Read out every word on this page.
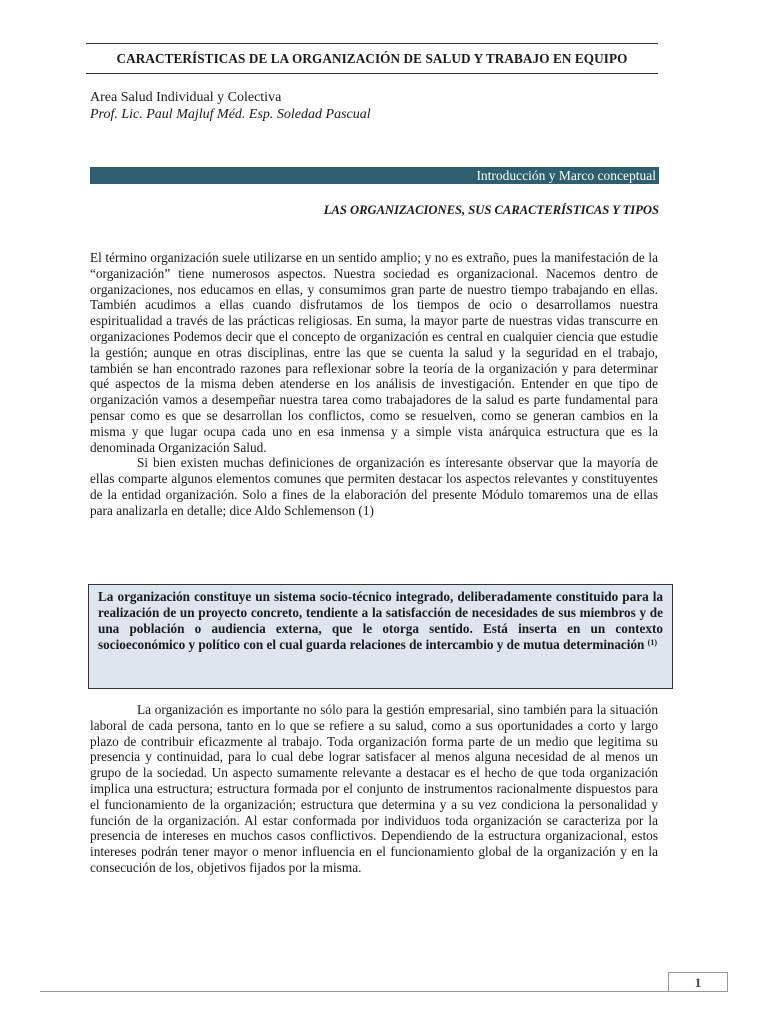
CARACTERÍSTICAS DE LA ORGANIZACIÓN DE SALUD Y TRABAJO EN EQUIPO
Area Salud Individual y Colectiva
Prof. Lic. Paul Majluf Méd. Esp. Soledad Pascual
Introducción y Marco conceptual
LAS ORGANIZACIONES, SUS CARACTERÍSTICAS Y TIPOS

El término organización suele utilizarse en un sentido amplio; y no es extraño, pues la manifestación de la “organización” tiene numerosos aspectos. Nuestra sociedad es organizacional. Nacemos dentro de organizaciones, nos educamos en ellas, y consumimos gran parte de nuestro tiempo trabajando en ellas. También acudimos a ellas cuando disfrutamos de los tiempos de ocio o desarrollamos nuestra espiritualidad a través de las prácticas religiosas. En suma, la mayor parte de nuestras vidas transcurre en organizaciones Podemos decir que el concepto de organización es central en cualquier ciencia que estudie la gestión; aunque en otras disciplinas, entre las que se cuenta la salud y la seguridad en el trabajo, también se han encontrado razones para reflexionar sobre la teoría de la organización y para determinar qué aspectos de la misma deben atenderse en los análisis de investigación. Entender en que tipo de organización vamos a desempeñar nuestra tarea como trabajadores de la salud es parte fundamental para pensar como es que se desarrollan los conflictos, como se resuelven, como se generan cambios en la misma y que lugar ocupa cada uno en esa inmensa y a simple vista anárquica estructura que es la denominada Organización Salud.

Si bien existen muchas definiciones de organización es ínteresante observar que la mayoría de ellas comparte algunos elementos comunes que permiten destacar los aspectos relevantes y constituyentes de la entidad organización. Solo a fines de la elaboración del presente Módulo tomaremos una de ellas para analizarla en detalle; dice Aldo Schlemenson (1)

La organización constituye un sistema socio-técnico integrado, deliberadamente constituido para la realización de un proyecto concreto, tendiente a la satisfacción de necesidades de sus miembros y de una población o audiencia externa, que le otorga sentido. Está inserta en un contexto socioeconómico y político con el cual guarda relaciones de intercambio y de mutua determinación $^{(1)}$

La organización es importante no sólo para la gestión empresarial, sino también para la situación laboral de cada persona, tanto en lo que se refiere a su salud, como a sus oportunidades a corto y largo plazo de contribuir eficazmente al trabajo. Toda organización forma parte de un medio que legitima su presencia y continuidad, para lo cual debe lograr satisfacer al menos alguna necesidad de al menos un grupo de la sociedad. Un aspecto sumamente relevante a destacar es el hecho de que toda organización implica una estructura; estructura formada por el conjunto de instrumentos racionalmente dispuestos para el funcionamiento de la organización; estructura que determina y a su vez condiciona la personalidad y función de la organización. Al estar conformada por individuos toda organización se caracteriza por la presencia de intereses en muchos casos conflictivos. Dependiendo de la estructura organizacional, estos intereses podrán tener mayor o menor influencia en el funcionamiento global de la organización y en la consecución de los, objetivos fijados por la misma.

1
